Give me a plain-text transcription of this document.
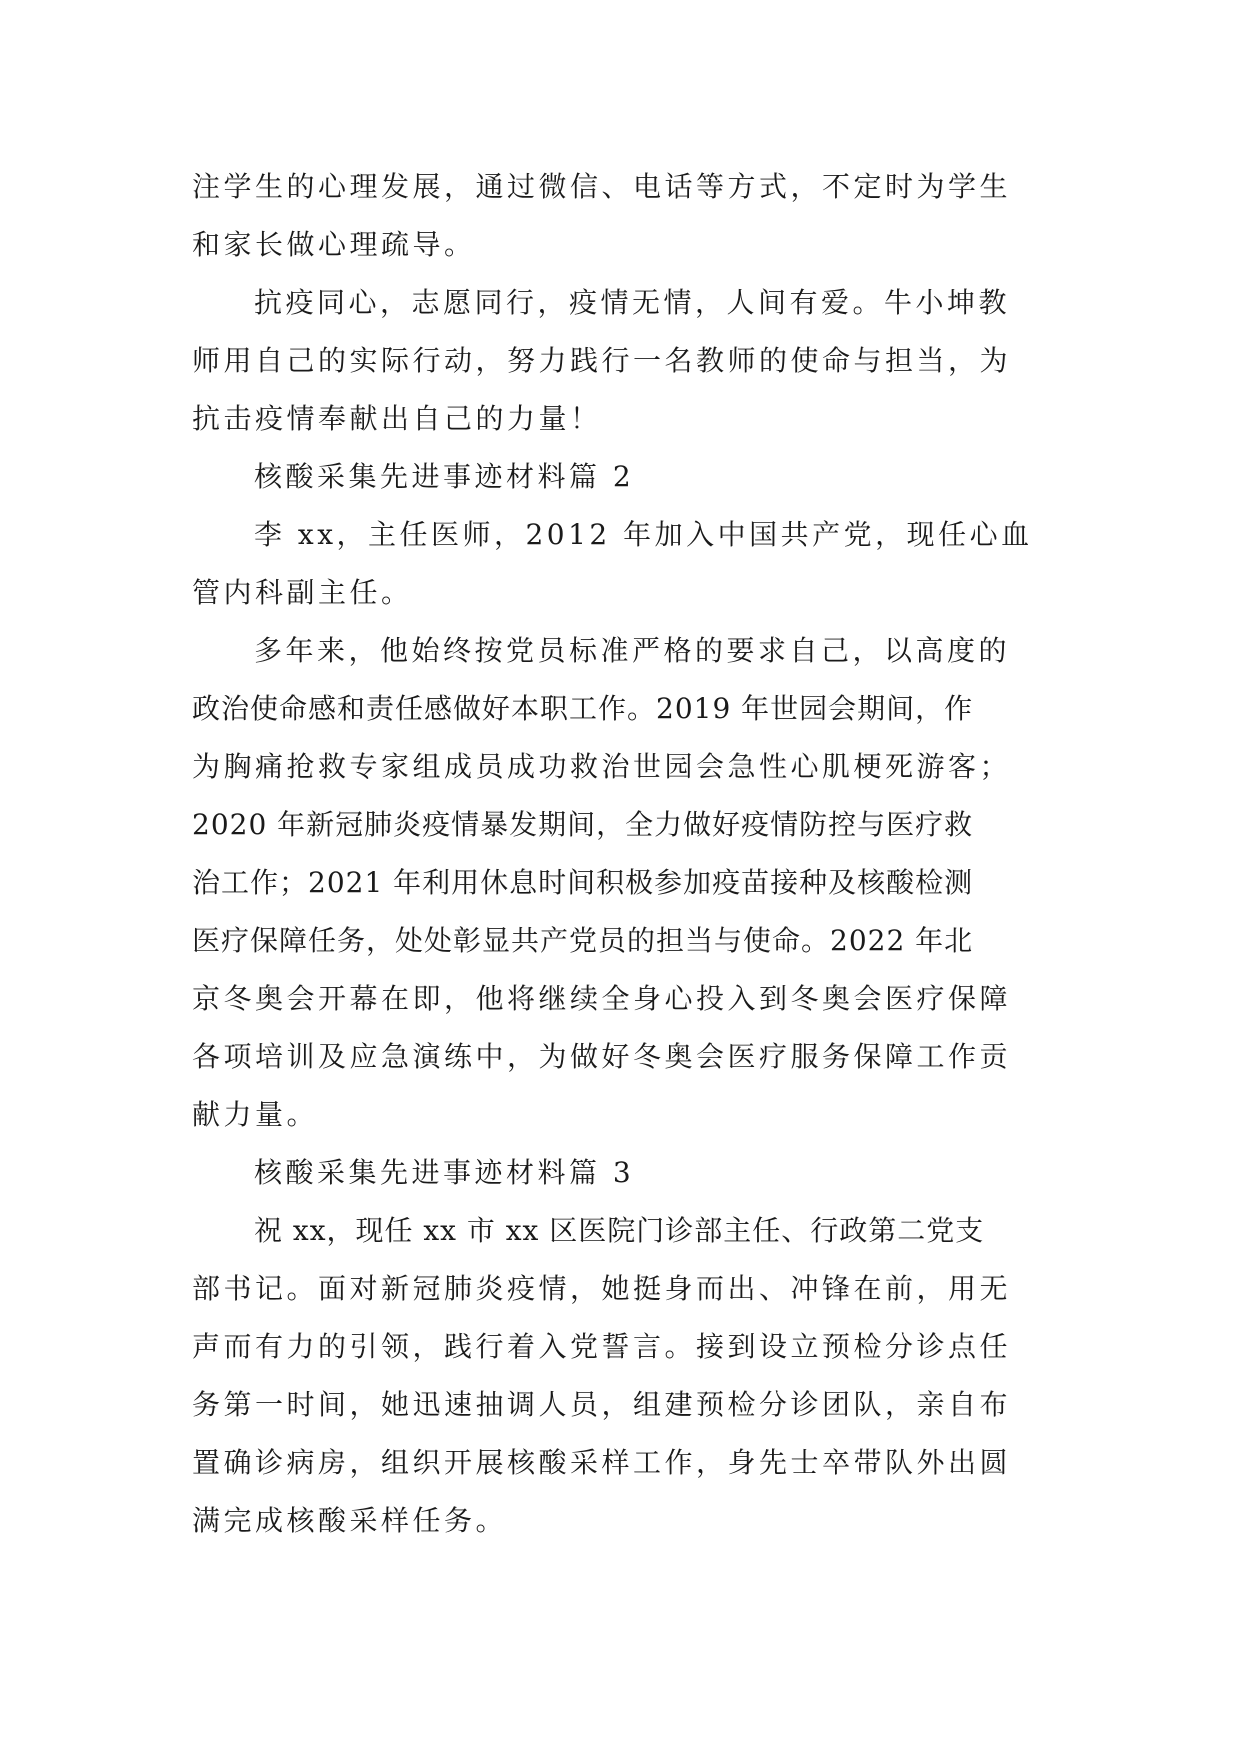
注学生的心理发展，通过微信、电话等方式，不定时为学生
和家长做心理疏导。
抗疫同心，志愿同行，疫情无情，人间有爱。牛小坤教
师用自己的实际行动，努力践行一名教师的使命与担当，为
抗击疫情奉献出自己的力量！
核酸采集先进事迹材料篇 2
李 xx，主任医师，2012 年加入中国共产党，现任心血
管内科副主任。
多年来，他始终按党员标准严格的要求自己，以高度的
政治使命感和责任感做好本职工作。2019 年世园会期间，作
为胸痛抢救专家组成员成功救治世园会急性心肌梗死游客；
2020 年新冠肺炎疫情暴发期间，全力做好疫情防控与医疗救
治工作；2021 年利用休息时间积极参加疫苗接种及核酸检测
医疗保障任务，处处彰显共产党员的担当与使命。2022 年北
京冬奥会开幕在即，他将继续全身心投入到冬奥会医疗保障
各项培训及应急演练中，为做好冬奥会医疗服务保障工作贡
献力量。
核酸采集先进事迹材料篇 3
祝 xx，现任 xx 市 xx 区医院门诊部主任、行政第二党支
部书记。面对新冠肺炎疫情，她挺身而出、冲锋在前，用无
声而有力的引领，践行着入党誓言。接到设立预检分诊点任
务第一时间，她迅速抽调人员，组建预检分诊团队，亲自布
置确诊病房，组织开展核酸采样工作，身先士卒带队外出圆
满完成核酸采样任务。
